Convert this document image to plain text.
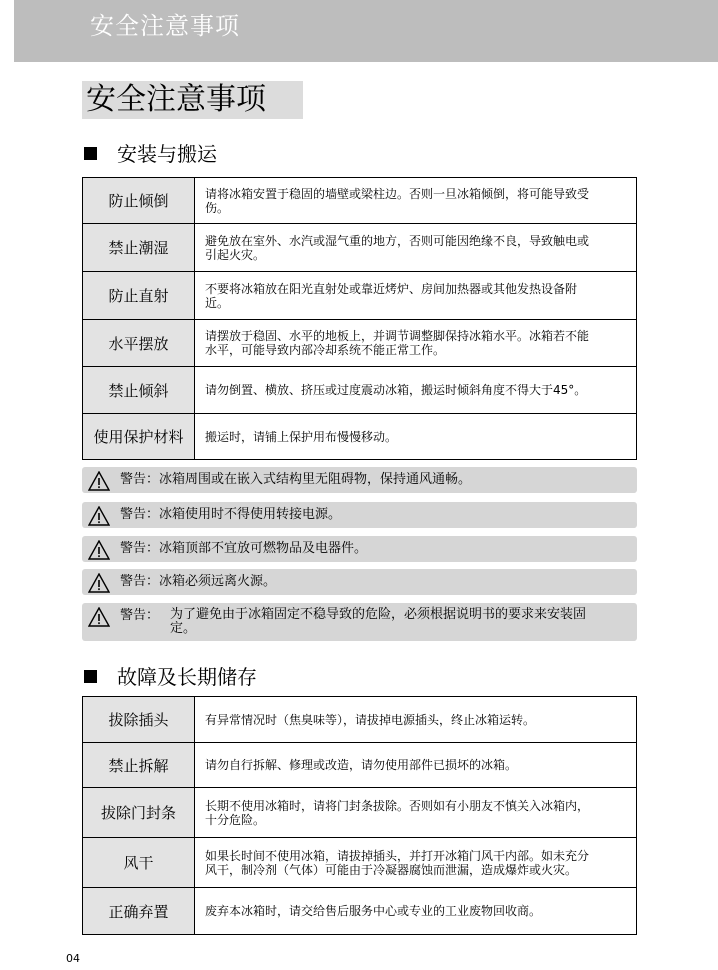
安全注意事项
安全注意事项
安装与搬运
防止倾倒	请将冰箱安置于稳固的墙壁或梁柱边。否则一旦冰箱倾倒，将可能导致受伤。
禁止潮湿	避免放在室外、水汽或湿气重的地方，否则可能因绝缘不良，导致触电或引起火灾。
防止直射	不要将冰箱放在阳光直射处或靠近烤炉、房间加热器或其他发热设备附近。
水平摆放	请摆放于稳固、水平的地板上，并调节调整脚保持冰箱水平。冰箱若不能水平，可能导致内部冷却系统不能正常工作。
禁止倾斜	请勿倒置、横放、挤压或过度震动冰箱，搬运时倾斜角度不得大于45°。
使用保护材料	搬运时，请铺上保护用布慢慢移动。
警告：冰箱周围或在嵌入式结构里无阻碍物，保持通风通畅。
警告：冰箱使用时不得使用转接电源。
警告：冰箱顶部不宜放可燃物品及电器件。
警告：冰箱必须远离火源。
警告： 为了避免由于冰箱固定不稳导致的危险，必须根据说明书的要求来安装固定。
故障及长期储存
拔除插头	有异常情况时（焦臭味等），请拔掉电源插头，终止冰箱运转。
禁止拆解	请勿自行拆解、修理或改造，请勿使用部件已损坏的冰箱。
拔除门封条	长期不使用冰箱时，请将门封条拔除。否则如有小朋友不慎关入冰箱内，十分危险。
风干	如果长时间不使用冰箱，请拔掉插头，并打开冰箱门风干内部。如未充分风干，制冷剂（气体）可能由于冷凝器腐蚀而泄漏，造成爆炸或火灾。
正确弃置	废弃本冰箱时，请交给售后服务中心或专业的工业废物回收商。
04
